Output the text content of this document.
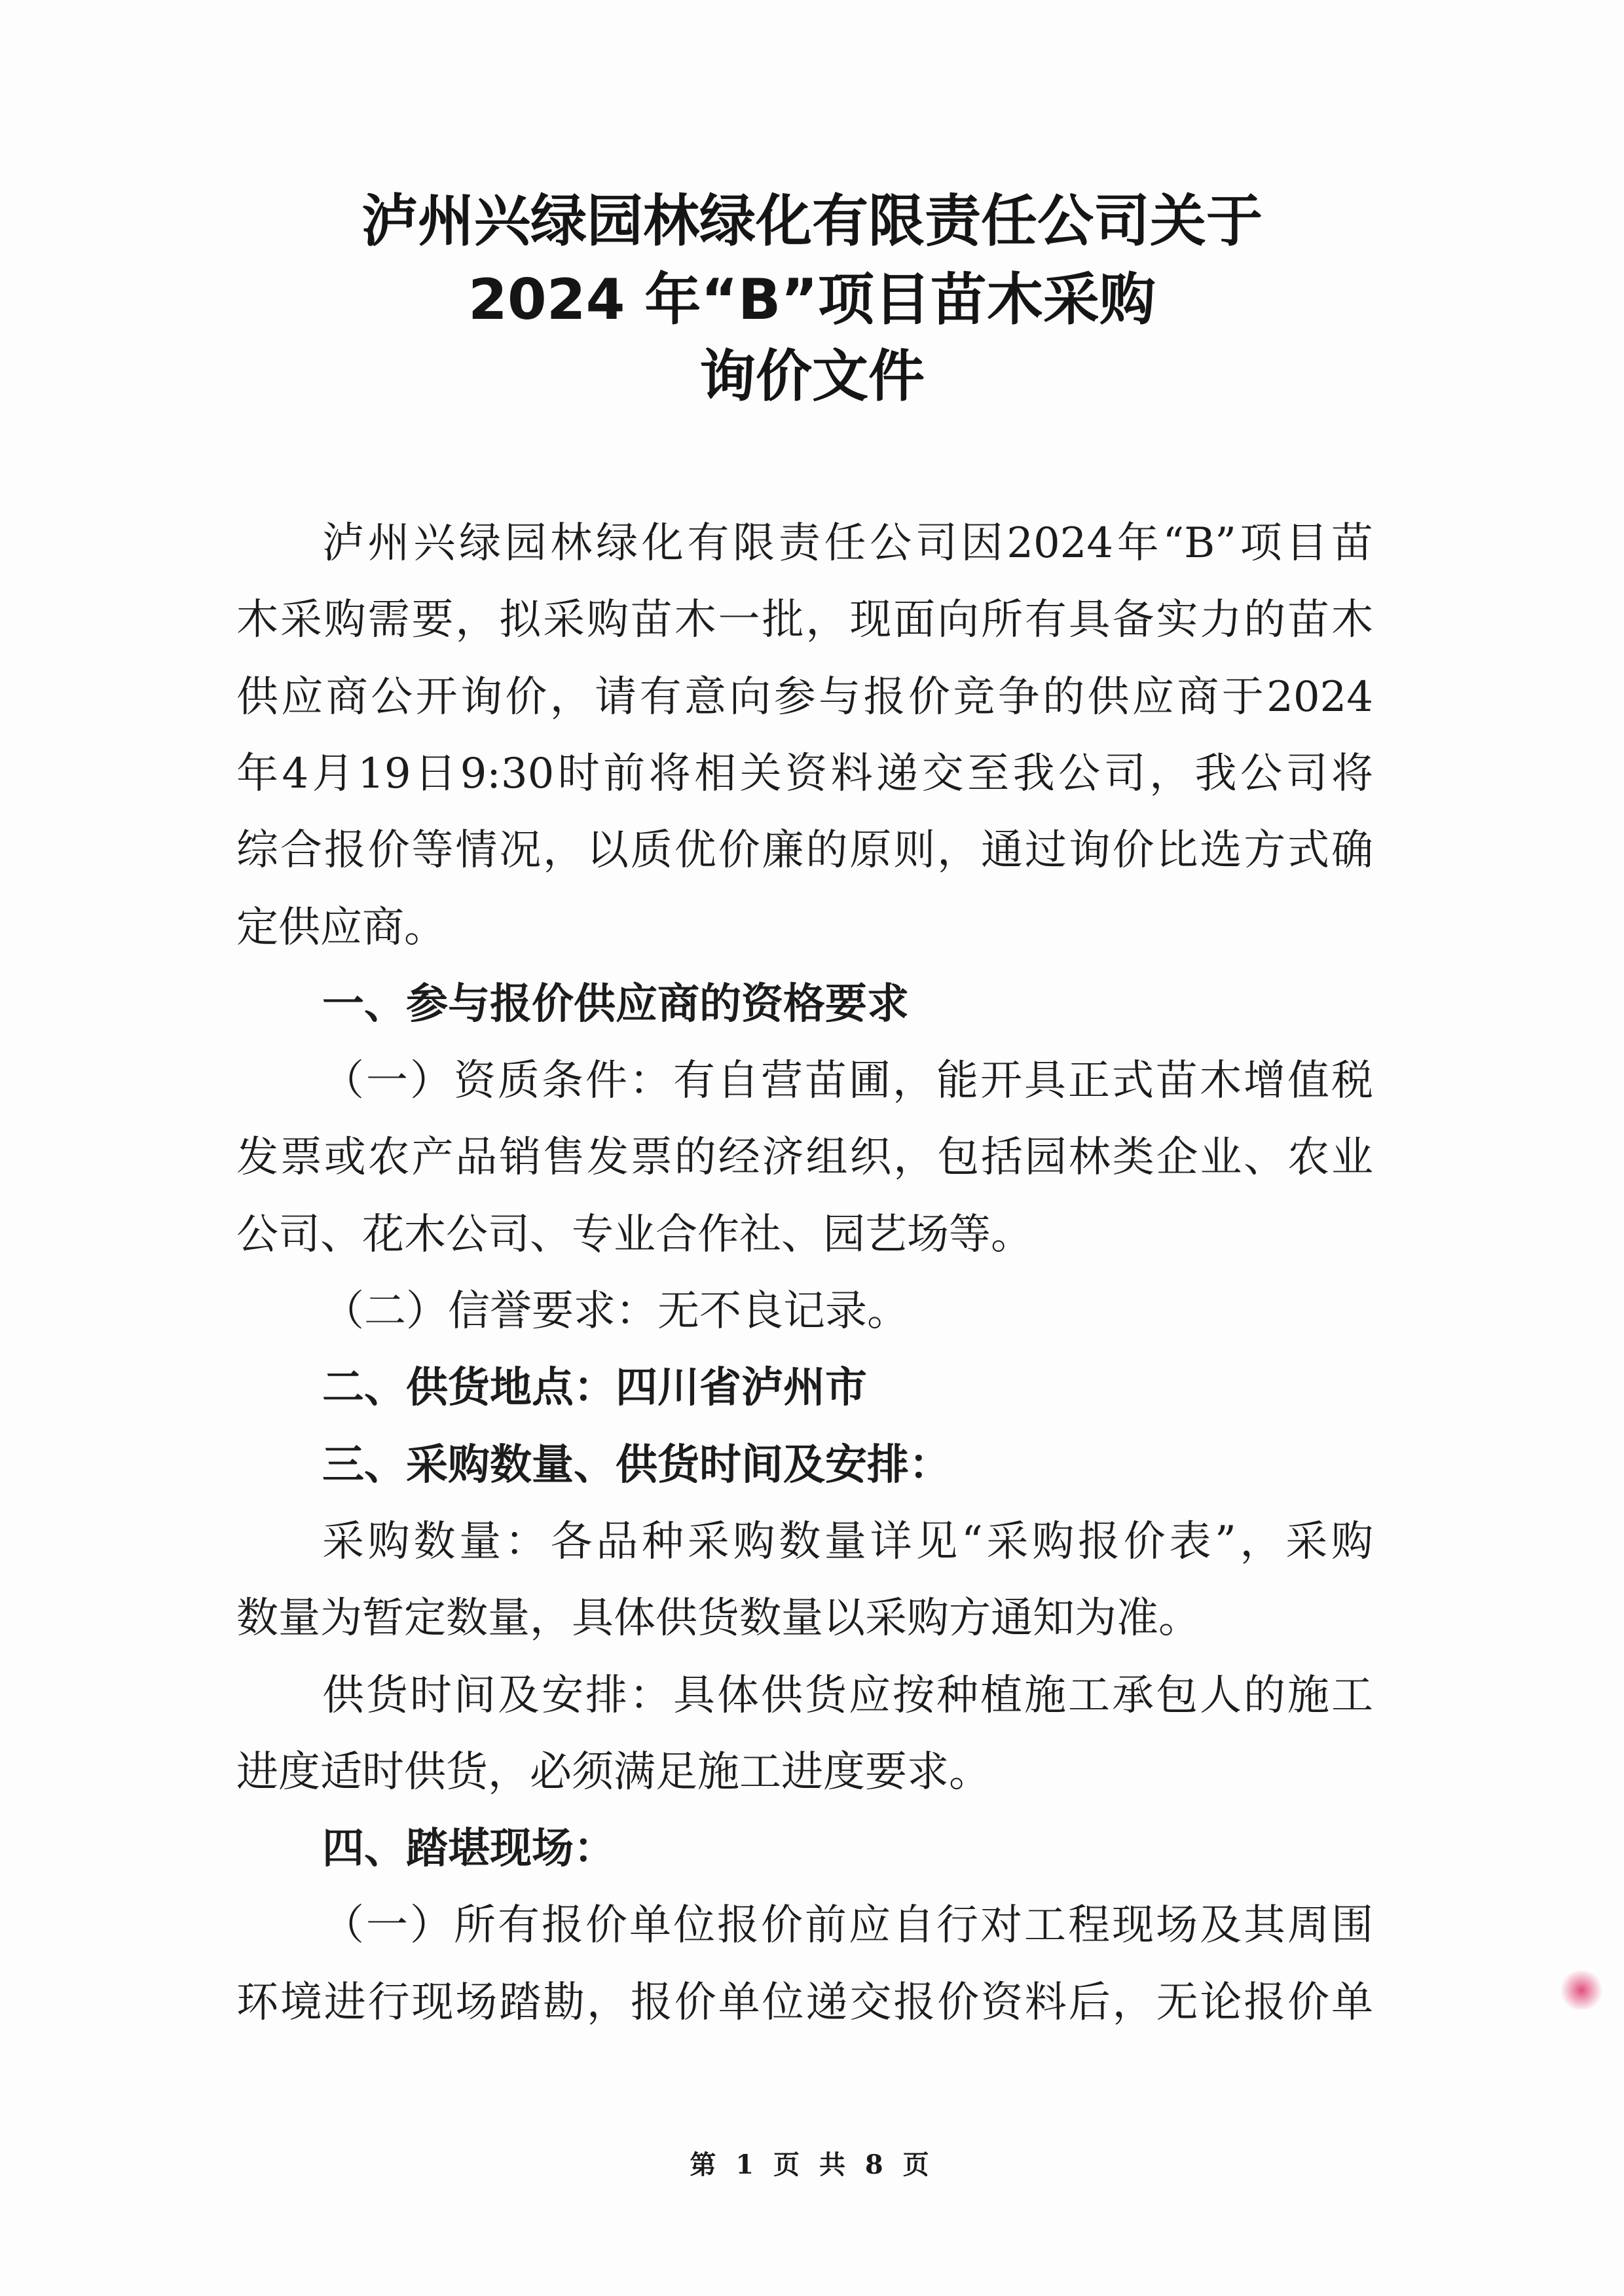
泸州兴绿园林绿化有限责任公司关于
2024 年“B”项目苗木采购
询价文件
泸州兴绿园林绿化有限责任公司因2024年“B”项目苗
木采购需要，拟采购苗木一批，现面向所有具备实力的苗木
供应商公开询价，请有意向参与报价竞争的供应商于2024
年4月19日9:30时前将相关资料递交至我公司，我公司将
综合报价等情况，以质优价廉的原则，通过询价比选方式确
定供应商。
一、参与报价供应商的资格要求
（一）资质条件：有自营苗圃，能开具正式苗木增值税
发票或农产品销售发票的经济组织，包括园林类企业、农业
公司、花木公司、专业合作社、园艺场等。
（二）信誉要求：无不良记录。
二、供货地点：四川省泸州市
三、采购数量、供货时间及安排：
采购数量：各品种采购数量详见“采购报价表”，采购
数量为暂定数量，具体供货数量以采购方通知为准。
供货时间及安排：具体供货应按种植施工承包人的施工
进度适时供货，必须满足施工进度要求。
四、踏堪现场：
（一）所有报价单位报价前应自行对工程现场及其周围
环境进行现场踏勘，报价单位递交报价资料后，无论报价单
第 1 页 共 8 页
